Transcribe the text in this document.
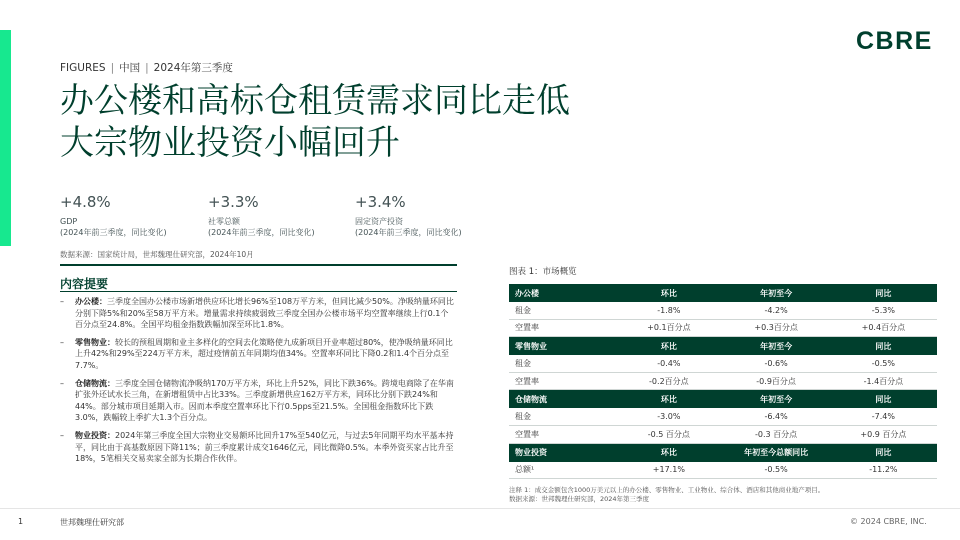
CBRE
FIGURES | 中国 | 2024年第三季度
办公楼和高标仓租赁需求同比走低
大宗物业投资小幅回升
+4.8%
GDP
(2024年前三季度，同比变化)
+3.3%
社零总额
(2024年前三季度，同比变化)
+3.4%
固定资产投资
(2024年前三季度，同比变化)
数据来源：国家统计局，世邦魏理仕研究部，2024年10月
内容提要
– 办公楼：三季度全国办公楼市场新增供应环比增长96%至108万平方米，但同比减少50%。净吸纳量环同比分别下降5%和20%至58万平方米。增量需求持续疲弱致三季度全国办公楼市场平均空置率继续上行0.1个百分点至24.8%。全国平均租金指数跌幅加深至环比1.8%。
– 零售物业：较长的预租周期和业主多样化的空间去化策略使九成新项目开业率超过80%，使净吸纳量环同比上升42%和29%至224万平方米，超过疫情前五年同期均值34%。空置率环同比下降0.2和1.4个百分点至7.7%。
– 仓储物流：三季度全国仓储物流净吸纳170万平方米，环比上升52%，同比下跌36%。跨境电商除了在华南扩张外还试水长三角，在新增租赁中占比33%。三季度新增供应162万平方米，同环比分别下跌24%和44%。部分城市项目延期入市。因而本季度空置率环比下行0.5pps至21.5%。全国租金指数环比下跌3.0%，跌幅较上季扩大1.3个百分点。
– 物业投资：2024年第三季度全国大宗物业交易额环比回升17%至540亿元，与过去5年同期平均水平基本持平，同比由于高基数原因下降11%；前三季度累计成交1646亿元，同比微降0.5%。本季外资买家占比升至18%，5笔相关交易卖家全部为长期合作伙伴。
图表 1：市场概览
办公楼	环比	年初至今	同比
租金	-1.8%	-4.2%	-5.3%
空置率	+0.1百分点	+0.3百分点	+0.4百分点
零售物业	环比	年初至今	同比
租金	-0.4%	-0.6%	-0.5%
空置率	-0.2百分点	-0.9百分点	-1.4百分点
仓储物流	环比	年初至今	同比
租金	-3.0%	-6.4%	-7.4%
空置率	-0.5 百分点	-0.3 百分点	+0.9 百分点
物业投资	环比	年初至今总额同比	同比
总额¹	+17.1%	-0.5%	-11.2%
注释 1：成交金额包含1000万美元以上的办公楼、零售物业、工业物业、综合体、酒店和其他商业地产项目。
数据来源：世邦魏理仕研究部，2024年第三季度
1	世邦魏理仕研究部	© 2024 CBRE, INC.
